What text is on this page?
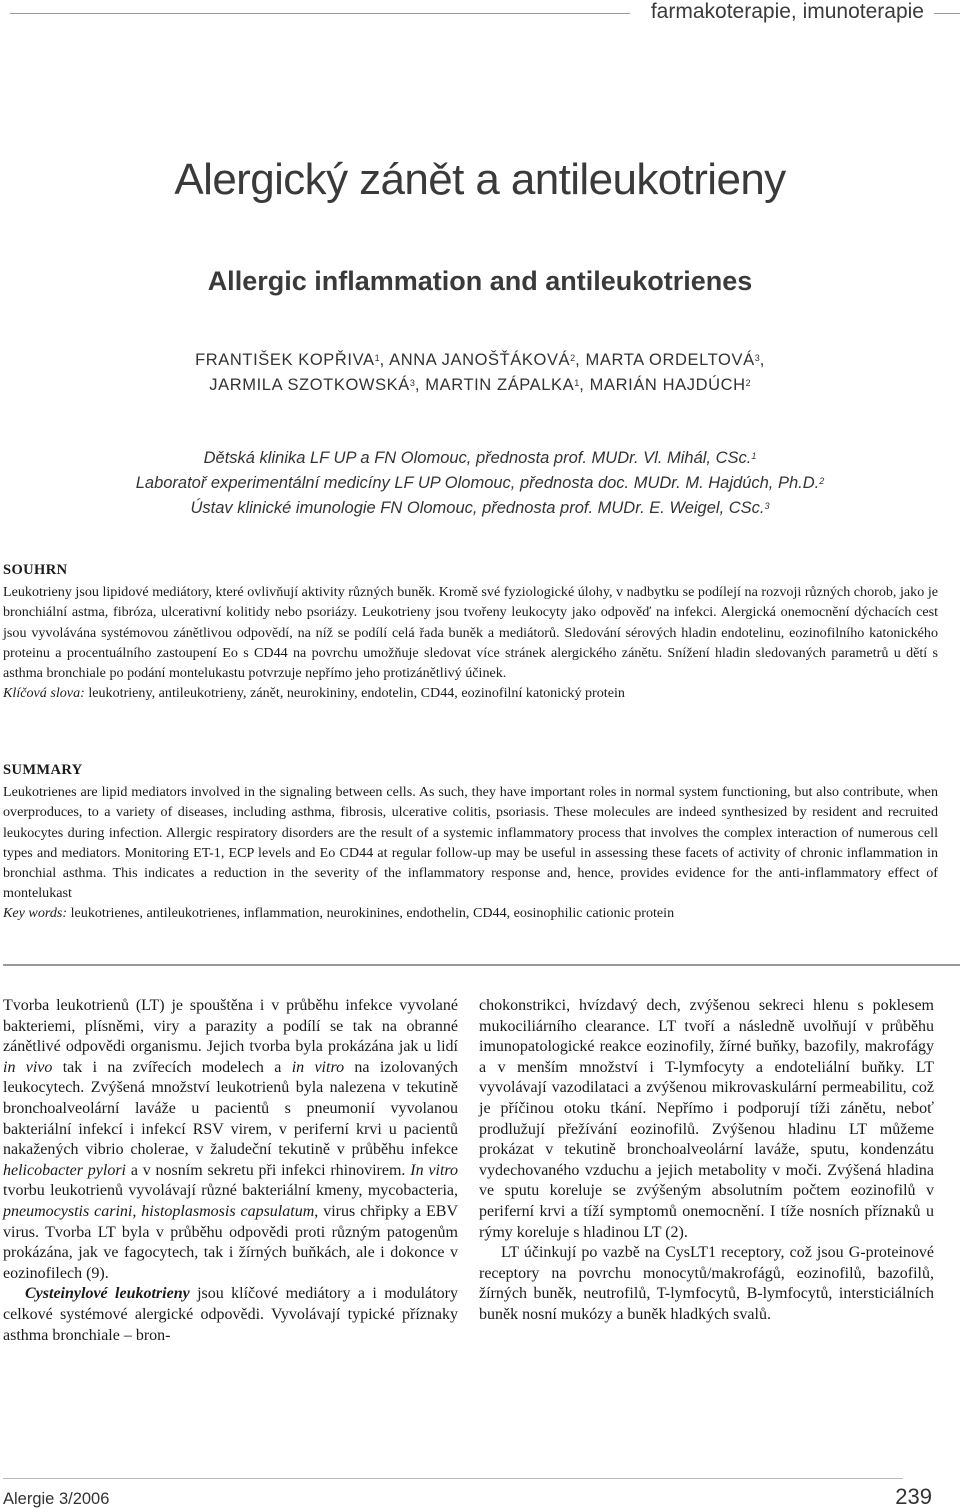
farmakoterapie, imunoterapie
Alergický zánět a antileukotrieny
Allergic inflammation and antileukotrienes
FRANTIŠEK KOPŘIVA$^1$, ANNA JANOŠŤÁKOVÁ$^2$, MARTA ORDELTOVÁ$^3$,
JARMILA SZOTKOWSKÁ$^3$, MARTIN ZÁPALKA$^1$, MARIÁN HAJDÚCH$^2$
Dětská klinika LF UP a FN Olomouc, přednosta prof. MUDr. Vl. Mihál, CSc.$^1$
Laboratoř experimentální medicíny LF UP Olomouc, přednosta doc. MUDr. M. Hajdúch, Ph.D.$^2$
Ústav klinické imunologie FN Olomouc, přednosta prof. MUDr. E. Weigel, CSc.$^3$
SOUHRN

Leukotrieny jsou lipidové mediátory, které ovlivňují aktivity různých buněk. Kromě své fyziologické úlohy, v nadbytku se podílejí na rozvoji různých chorob, jako je bronchiální astma, fibróza, ulcerativní kolitidy nebo psoriázy. Leukotrieny jsou tvořeny leukocyty jako odpověď na infekci. Alergická onemocnění dýchacích cest jsou vyvolávána systémovou zánětlivou odpovědí, na níž se podílí celá řada buněk a mediátorů. Sledování sérových hladin endotelinu, eozinofilního katonického proteinu a procentuálního zastoupení Eo s CD44 na povrchu umožňuje sledovat více stránek alergického zánětu. Snížení hladin sledovaných parametrů u dětí s asthma bronchiale po podání montelukastu potvrzuje nepřímo jeho protizánětlivý účinek.

Klíčová slova: leukotrieny, antileukotrieny, zánět, neurokininy, endotelin, CD44, eozinofilní katonický protein

SUMMARY

Leukotrienes are lipid mediators involved in the signaling between cells. As such, they have important roles in normal system functioning, but also contribute, when overproduces, to a variety of diseases, including asthma, fibrosis, ulcerative colitis, psoriasis. These molecules are indeed synthesized by resident and recruited leukocytes during infection. Allergic respiratory disorders are the result of a systemic inflammatory process that involves the complex interaction of numerous cell types and mediators. Monitoring ET-1, ECP levels and Eo CD44 at regular follow-up may be useful in assessing these facets of activity of chronic inflammation in bronchial asthma. This indicates a reduction in the severity of the inflammatory response and, hence, provides evidence for the anti-inflammatory effect of montelukast

Key words: leukotrienes, antileukotrienes, inflammation, neurokinines, endothelin, CD44, eosinophilic cationic protein

Tvorba leukotrienů (LT) je spouštěna i v průběhu infekce vyvolané bakteriemi, plísněmi, viry a parazity a podílí se tak na obranné zánětlivé odpovědi organismu. Jejich tvorba byla prokázána jak u lidí in vivo tak i na zvířecích modelech a in vitro na izolovaných leukocytech. Zvýšená množství leukotrienů byla nalezena v tekutině bronchoalveolární laváže u pacientů s pneumonií vyvolanou bakteriální infekcí i infekcí RSV virem, v periferní krvi u pacientů nakažených vibrio cholerae, v žaludeční tekutině v průběhu infekce helicobacter pylori a v nosním sekretu při infekci rhinovirem. In vitro tvorbu leukotrienů vyvolávají různé bakteriální kmeny, mycobacteria, pneumocystis carini, histoplasmosis capsulatum, virus chřipky a EBV virus. Tvorba LT byla v průběhu odpovědi proti různým patogenům prokázána, jak ve fagocytech, tak i žírných buňkách, ale i dokonce v eozinofilech (9).

Cysteinylové leukotrieny jsou klíčové mediátory a i modulátory celkové systémové alergické odpovědi. Vyvolávají typické příznaky asthma bronchiale – bron-

chokonstrikci, hvízdavý dech, zvýšenou sekreci hlenu s poklesem mukociliárního clearance. LT tvoří a následně uvolňují v průběhu imunopatologické reakce eozinofily, žírné buňky, bazofily, makrofágy a v menším množství i T-lymfocyty a endoteliální buňky. LT vyvolávají vazodilataci a zvýšenou mikrovaskulární permeabilitu, což je příčinou otoku tkání. Nepřímo i podporují tíži zánětu, neboť prodlužují přežívání eozinofilů. Zvýšenou hladinu LT můžeme prokázat v tekutině bronchoalveolární laváže, sputu, kondenzátu vydechovaného vzduchu a jejich metabolity v moči. Zvýšená hladina ve sputu koreluje se zvýšeným absolutním počtem eozinofilů v periferní krvi a tíží symptomů onemocnění. I tíže nosních příznaků u rýmy koreluje s hladinou LT (2).

LT účinkují po vazbě na CysLT1 receptory, což jsou G-proteinové receptory na povrchu monocytů/makrofágů, eozinofilů, bazofilů, žírných buněk, neutrofilů, T-lymfocytů, B-lymfocytů, intersticiálních buněk nosní mukózy a buněk hladkých svalů.

Alergie 3/2006	239
